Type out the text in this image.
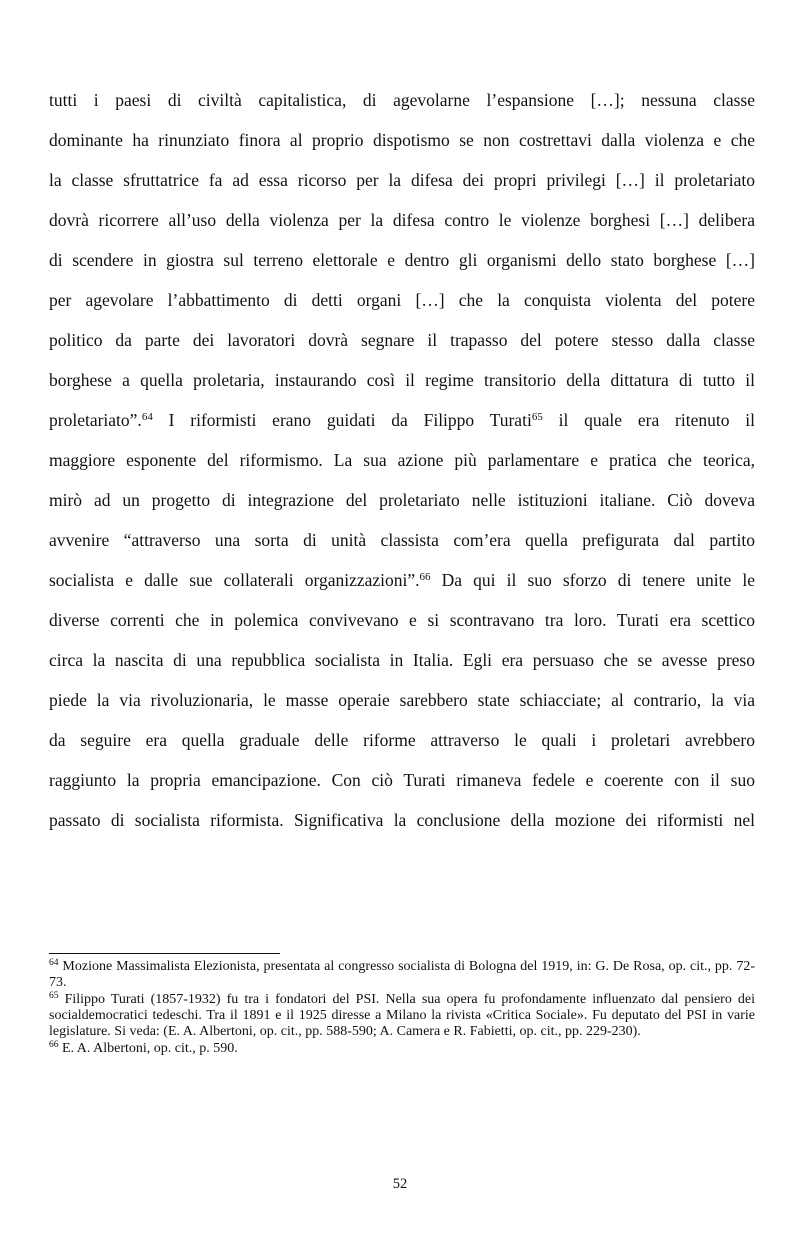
tutti i paesi di civiltà capitalistica, di agevolarne l’espansione […]; nessuna classe
dominante ha rinunziato finora al proprio dispotismo se non costrettavi dalla violenza e che
la classe sfruttatrice fa ad essa ricorso per la difesa dei propri privilegi […] il proletariato
dovrà ricorrere all’uso della violenza per la difesa contro le violenze borghesi […] delibera
di scendere in giostra sul terreno elettorale e dentro gli organismi dello stato borghese […]
per agevolare l’abbattimento di detti organi […] che la conquista violenta del potere
politico da parte dei lavoratori dovrà segnare il trapasso del potere stesso dalla classe
borghese a quella proletaria, instaurando così il regime transitorio della dittatura di tutto il
proletariato”.$^{64}$ I riformisti erano guidati da Filippo Turati$^{65}$ il quale era ritenuto il
maggiore esponente del riformismo. La sua azione più parlamentare e pratica che teorica,
mirò ad un progetto di integrazione del proletariato nelle istituzioni italiane. Ciò doveva
avvenire “attraverso una sorta di unità classista com’era quella prefigurata dal partito
socialista e dalle sue collaterali organizzazioni”.$^{66}$ Da qui il suo sforzo di tenere unite le
diverse correnti che in polemica convivevano e si scontravano tra loro. Turati era scettico
circa la nascita di una repubblica socialista in Italia. Egli era persuaso che se avesse preso
piede la via rivoluzionaria, le masse operaie sarebbero state schiacciate; al contrario, la via
da seguire era quella graduale delle riforme attraverso le quali i proletari avrebbero
raggiunto la propria emancipazione. Con ciò Turati rimaneva fedele e coerente con il suo
passato di socialista riformista. Significativa la conclusione della mozione dei riformisti nel

$^{64}$ Mozione Massimalista Elezionista, presentata al congresso socialista di Bologna del 1919, in: G. De Rosa, op. cit., pp. 72-73.

$^{65}$ Filippo Turati (1857-1932) fu tra i fondatori del PSI. Nella sua opera fu profondamente influenzato dal pensiero dei socialdemocratici tedeschi. Tra il 1891 e il 1925 diresse a Milano la rivista «Critica Sociale». Fu deputato del PSI in varie legislature. Si veda: (E. A. Albertoni, op. cit., pp. 588-590; A. Camera e R. Fabietti, op. cit., pp. 229-230).

$^{66}$ E. A. Albertoni, op. cit., p. 590.

52
